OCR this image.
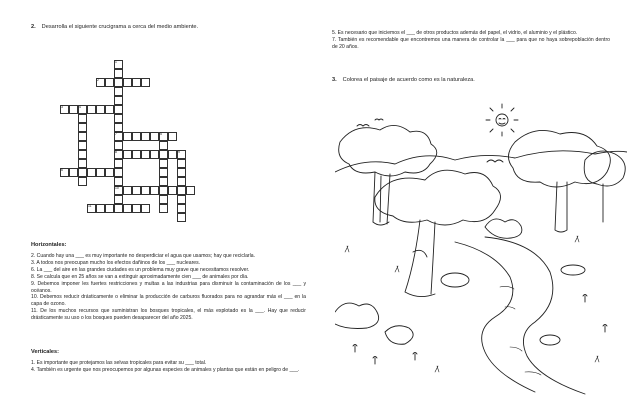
2. Desarrolla el siguiente crucigrama a cerca del medio ambiente.
1
2
3	4
5
6
7
8	9
10
11
Horizontales:
2. Cuando hay una ___ es muy importante no desperdiciar el agua que usamos; hay que reciclarla.
3. A todos nos preocupan mucho los efectos dañinos de los ___ nucleares.
6. La ___ del aire en las grandes ciudades es un problema muy grave que necesitamos resolver.
8. Se calcula que en 25 años se van a extinguir aproximadamente cien ___ de animales por día.
9. Debemos imponer les fuertes restricciones y multas a las industrias para disminuir la contaminación de los ___ y océanos.
10. Debemos reducir drásticamente o eliminar la producción de carburos fluorados para no agrandar más el ___ en la capa de ozono.
11. De los muchos recursos que suministran los bosques tropicales, el más explotado es la ___. Hay que reducir drásticamente su uso o los bosques pueden desaparecer del año 2025.
Verticales:
1. Es importante que protejamos las selvas tropicales para evitar su ___ total.
4. También es urgente que nos preocupemos por algunas especies de animales y plantas que están en peligro de ___.
5. Es necesario que iniciemos el ___ de otros productos además del papel, el vidrio, el aluminio y el plástico.
7. También es recomendable que encontremos una manera de controlar la ___ para que no haya sobrepoblación dentro de 20 años.
3. Colorea el paisaje de acuerdo como es la naturaleza.
